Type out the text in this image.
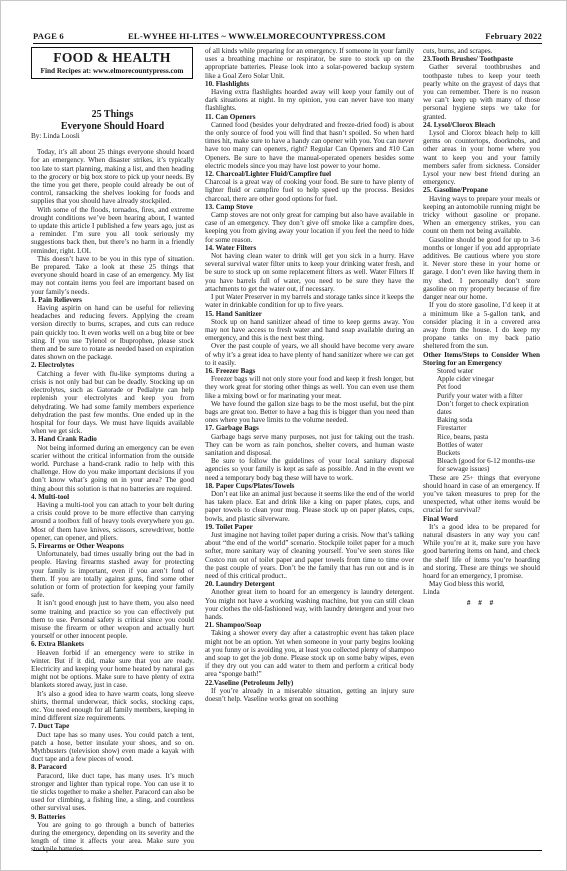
PAGE 6	EL-WYHEE HI-LITES ~ WWW.ELMORECOUNTYPRESS.COM	February 2022
FOOD & HEALTH
Find Recipes at: www.elmorecountypress.com
25 Things
Everyone Should Hoard
By: Linda Loosli

Today, it’s all about 25 things everyone should hoard for an emergency. When disaster strikes, it’s typically too late to start planning, making a list, and then heading to the grocery or big box store to pick up your needs. By the time you get there, people could already be out of control, ransacking the shelves looking for foods and supplies that you should have already stockpiled.

With some of the floods, tornados, fires, and extreme drought conditions we’ve been hearing about, I wanted to update this article I published a few years ago, just as a reminder. I’m sure you all took seriously my suggestions back then, but there’s no harm in a friendly reminder, right. LOL

This doesn’t have to be you in this type of situation. Be prepared. Take a look at these 25 things that everyone should hoard in case of an emergency. My list may not contain items you feel are important based on your family’s needs.

1. Pain Relievers

Having aspirin on hand can be useful for relieving headaches and reducing fevers. Applying the cream version directly to burns, scrapes, and cuts can reduce pain quickly too. It even works well on a bug bite or bee sting. If you use Tylenol or Ibuprophen, please stock them and be sure to rotate as needed based on expiration dates shown on the package.

2. Electrolytes

Catching a fever with flu-like symptoms during a crisis is not only bad but can be deadly. Stocking up on electrolytes, such as Gatorade or Pedialyte can help replenish your electrolytes and keep you from dehydrating. We had some family members experience dehydration the past few months. One ended up in the hospital for four days. We must have liquids available when we get sick.

3. Hand Crank Radio

Not being informed during an emergency can be even scarier without the critical information from the outside world. Purchase a hand-crank radio to help with this challenge. How do you make important decisions if you don’t know what’s going on in your area? The good thing about this solution is that no batteries are required.

4. Multi-tool

Having a multi-tool you can attach to your belt during a crisis could prove to be more effective than carrying around a toolbox full of heavy tools everywhere you go. Most of them have knives, scissors, screwdriver, bottle opener, can opener, and pliers.

5. Firearms or Other Weapons

Unfortunately, bad times usually bring out the bad in people. Having firearms stashed away for protecting your family is important, even if you aren’t fond of them. If you are totally against guns, find some other solution or form of protection for keeping your family safe.

It isn’t good enough just to have them, you also need some training and practice so you can effectively put them to use. Personal safety is critical since you could misuse the firearm or other weapon and actually hurt yourself or other innocent people.

6. Extra Blankets

Heaven forbid if an emergency were to strike in winter. But if it did, make sure that you are ready. Electricity and keeping your home heated by natural gas might not be options. Make sure to have plenty of extra blankets stored away, just in case.

It’s also a good idea to have warm coats, long sleeve shirts, thermal underwear, thick socks, stocking caps, etc. You need enough for all family members, keeping in mind different size requirements.

7. Duct Tape

Duct tape has so many uses. You could patch a tent, patch a hose, better insulate your shoes, and so on. Mythbusters (television show) even made a kayak with duct tape and a few pieces of wood.

8. Paracord

Paracord, like duct tape, has many uses. It’s much stronger and lighter than typical rope. You can use it to tie sticks together to make a shelter. Paracord can also be used for climbing, a fishing line, a sling, and countless other survival uses.

9. Batteries

You are going to go through a bunch of batteries during the emergency, depending on its severity and the length of time it affects your area. Make sure you stockpile batteries

of all kinds while preparing for an emergency. If someone in your family uses a breathing machine or respirator, be sure to stock up on the appropriate batteries. Please look into a solar-powered backup system like a Goal Zero Solar Unit.

10. Flashlights

Having extra flashlights hoarded away will keep your family out of dark situations at night. In my opinion, you can never have too many flashlights.

11. Can Openers

Canned food (besides your dehydrated and freeze-dried food) is about the only source of food you will find that hasn’t spoiled. So when hard times hit, make sure to have a handy can opener with you. You can never have too many can openers, right? Regular Can Openers and #10 Can Openers. Be sure to have the manual-operated openers besides some electric models since you may have lost power to your home.

12. Charcoal/Lighter Fluid/Campfire fuel

Charcoal is a great way of cooking your food. Be sure to have plenty of lighter fluid or campfire fuel to help speed up the process. Besides charcoal, there are other good options for fuel.

13. Camp Stove

Camp stoves are not only great for camping but also have available in case of an emergency. They don’t give off smoke like a campfire does, keeping you from giving away your location if you feel the need to hide for some reason.

14. Water Filters

Not having clean water to drink will get you sick in a hurry. Have several survival water filter units to keep your drinking water fresh, and be sure to stock up on some replacement filters as well. Water Filters If you have barrels full of water, you need to be sure they have the attachments to get the water out, if necessary.

I put Water Preserver in my barrels and storage tanks since it keeps the water in drinkable condition for up to five years.

15. Hand Sanitizer

Stock up on hand sanitizer ahead of time to keep germs away. You may not have access to fresh water and hand soap available during an emergency, and this is the next best thing.

Over the past couple of years, we all should have become very aware of why it’s a great idea to have plenty of hand sanitizer where we can get to it easily.

16. Freezer Bags

Freezer bags will not only store your food and keep it fresh longer, but they work great for storing other things as well. You can even use them like a mixing bowl or for marinating your meat.

We have found the gallon size bags to be the most useful, but the pint bags are great too. Better to have a bag this is bigger than you need than ones where you have limits to the volume needed.

17. Garbage Bags

Garbage bags serve many purposes, not just for taking out the trash. They can be worn as rain ponchos, shelter covers, and human waste sanitation and disposal.

Be sure to follow the guidelines of your local sanitary disposal agencies so your family is kept as safe as possible. And in the event we need a temporary body bag these will have to work.

18. Paper Cups/Plates/Towels

Don’t eat like an animal just because it seems like the end of the world has taken place. Eat and drink like a king on paper plates, cups, and paper towels to clean your mug. Please stock up on paper plates, cups, bowls, and plastic silverware.

19. Toilet Paper

Just imagine not having toilet paper during a crisis. Now that’s talking about “the end of the world” scenario. Stockpile toilet paper for a much softer, more sanitary way of cleaning yourself. You’ve seen stores like Costco run out of toilet paper and paper towels from time to time over the past couple of years. Don’t be the family that has run out and is in need of this critical product..

20. Laundry Detergent

Another great item to hoard for an emergency is laundry detergent. You might not have a working washing machine, but you can still clean your clothes the old-fashioned way, with laundry detergent and your two hands.

21. Shampoo/Soap

Taking a shower every day after a catastrophic event has taken place might not be an option. Yet when someone in your party begins looking at you funny or is avoiding you, at least you collected plenty of shampoo and soap to get the job done. Please stock up on some baby wipes, even if they dry out you can add water to them and perform a critical body area “sponge bath!”

22.Vaseline (Petroleum Jelly)

If you’re already in a miserable situation, getting an injury sure doesn’t help. Vaseline works great on soothing

cuts, burns, and scrapes.

23.Tooth Brushes/ Toothpaste

Gather several toothbrushes and toothpaste tubes to keep your teeth pearly white on the grayest of days that you can remember. There is no reason we can’t keep up with many of those personal hygiene steps we take for granted.

24. Lysol/Clorox Bleach

Lysol and Clorox bleach help to kill germs on countertops, doorknobs, and other areas in your home where you want to keep you and your family members safer from sickness. Consider Lysol your new best friend during an emergency.

25. Gasoline/Propane

Having ways to prepare your meals or keeping an automobile running might be tricky without gasoline or propane. When an emergency strikes, you can count on them not being available.

Gasoline should be good for up to 3-6 months or longer if you add appropriate additives. Be cautious where you store it. Never store these in your home or garage. I don’t even like having them in my shed. I personally don’t store gasoline on my property because of fire danger near our home.

If you do store gasoline, I’d keep it at a minimum like a 5-gallon tank, and consider placing it in a covered area away from the house. I do keep my propane tanks on my back patio sheltered from the sun.

Other Items/Steps to Consider When Storing for an Emergency

Stored water

Apple cider vinegar

Pet food

Purify your water with a filter

Don’t forget to check expiration dates

Baking soda

Firestarter

Rice, beans, pasta

Bottles of water

Buckets

Bleach (good for 6-12 months-use for sewage issues)

These are 25+ things that everyone should hoard in case of an emergency. If you’ve taken measures to prep for the unexpected, what other items would be crucial for survival?

Final Word

It’s a good idea to be prepared for natural disasters in any way you can! While you’re at it, make sure you have good bartering items on hand, and check the shelf life of items you’re hoarding and storing. These are things we should hoard for an emergency, I promise.

May God bless this world,

Linda

# # #
